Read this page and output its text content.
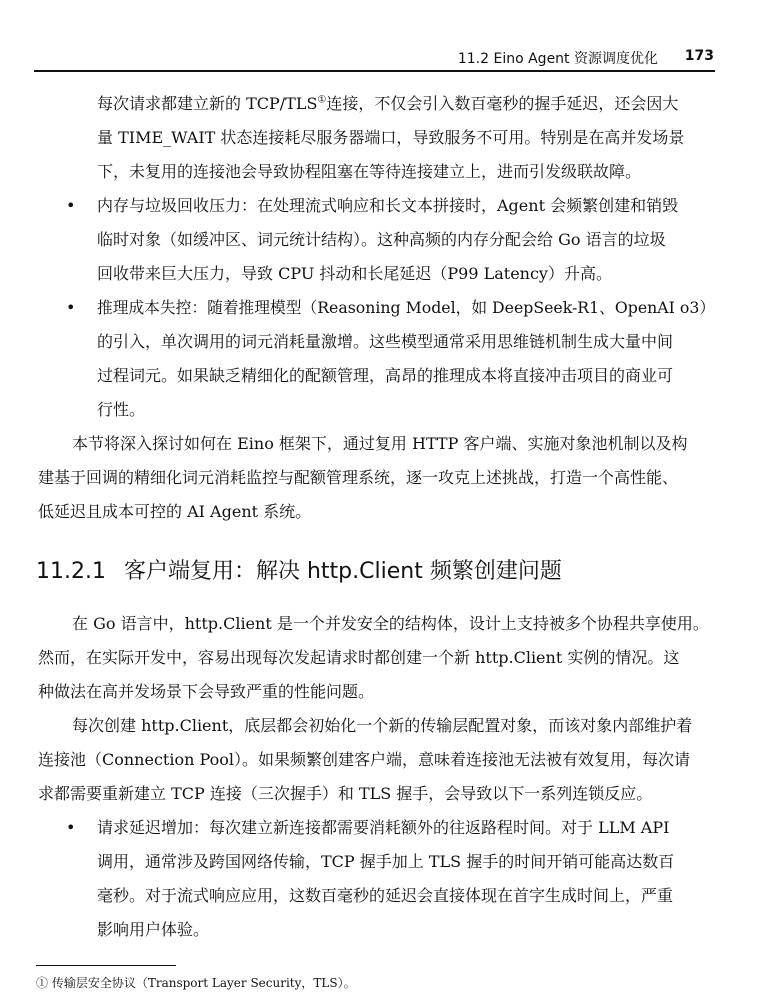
11.2 Eino Agent 资源调度优化 173
每次请求都建立新的 TCP/TLS①连接，不仅会引入数百毫秒的握手延迟，还会因大
量 TIME_WAIT 状态连接耗尽服务器端口，导致服务不可用。特别是在高并发场景
下，未复用的连接池会导致协程阻塞在等待连接建立上，进而引发级联故障。
• 内存与垃圾回收压力：在处理流式响应和长文本拼接时，Agent 会频繁创建和销毁
临时对象（如缓冲区、词元统计结构）。这种高频的内存分配会给 Go 语言的垃圾
回收带来巨大压力，导致 CPU 抖动和长尾延迟（P99 Latency）升高。
• 推理成本失控：随着推理模型（Reasoning Model，如 DeepSeek-R1、OpenAI o3）
的引入，单次调用的词元消耗量激增。这些模型通常采用思维链机制生成大量中间
过程词元。如果缺乏精细化的配额管理，高昂的推理成本将直接冲击项目的商业可
行性。
本节将深入探讨如何在 Eino 框架下，通过复用 HTTP 客户端、实施对象池机制以及构
建基于回调的精细化词元消耗监控与配额管理系统，逐一攻克上述挑战，打造一个高性能、
低延迟且成本可控的 AI Agent 系统。
11.2.1 客户端复用：解决 http.Client 频繁创建问题
在 Go 语言中，http.Client 是一个并发安全的结构体，设计上支持被多个协程共享使用。
然而，在实际开发中，容易出现每次发起请求时都创建一个新 http.Client 实例的情况。这
种做法在高并发场景下会导致严重的性能问题。
每次创建 http.Client，底层都会初始化一个新的传输层配置对象，而该对象内部维护着
连接池（Connection Pool）。如果频繁创建客户端，意味着连接池无法被有效复用，每次请
求都需要重新建立 TCP 连接（三次握手）和 TLS 握手，会导致以下一系列连锁反应。
• 请求延迟增加：每次建立新连接都需要消耗额外的往返路程时间。对于 LLM API
调用，通常涉及跨国网络传输，TCP 握手加上 TLS 握手的时间开销可能高达数百
毫秒。对于流式响应应用，这数百毫秒的延迟会直接体现在首字生成时间上，严重
影响用户体验。
① 传输层安全协议（Transport Layer Security，TLS）。
